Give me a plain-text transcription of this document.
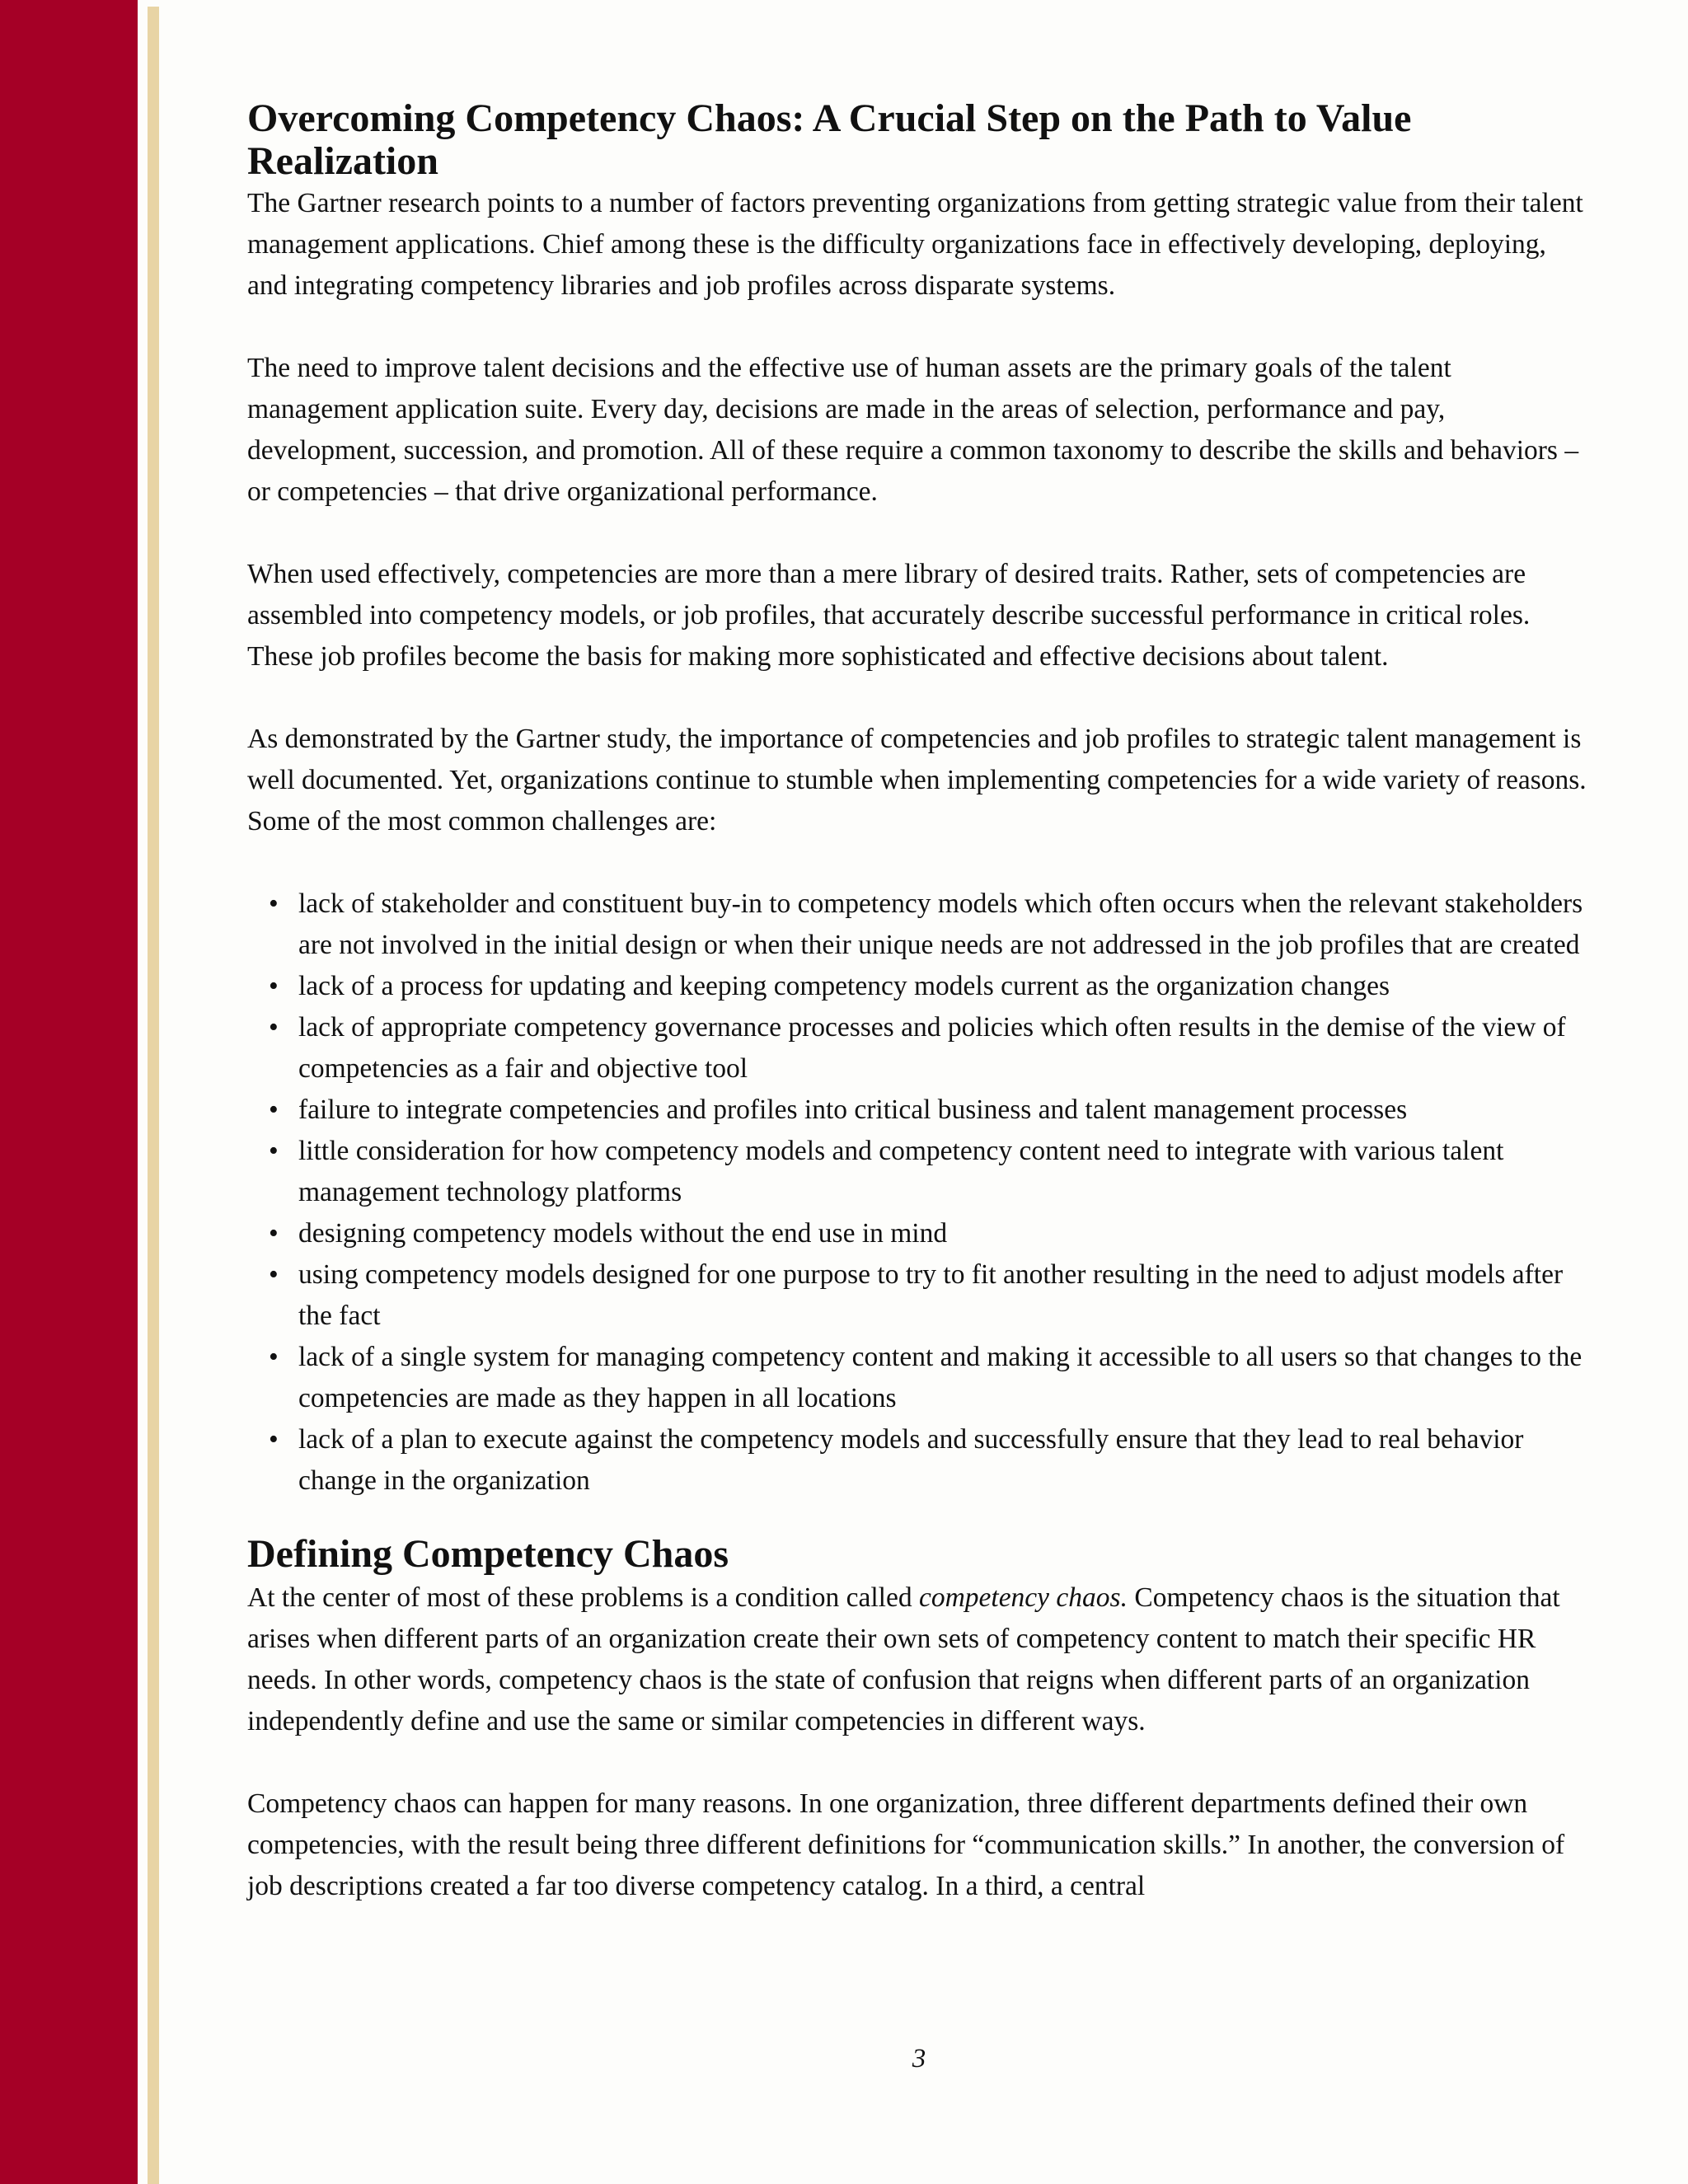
Overcoming Competency Chaos: A Crucial Step on the Path to Value Realization

The Gartner research points to a number of factors preventing organizations from getting strategic value from their talent management applications. Chief among these is the difficulty organizations face in effectively developing, deploying, and integrating competency libraries and job profiles across disparate systems.

The need to improve talent decisions and the effective use of human assets are the primary goals of the talent management application suite. Every day, decisions are made in the areas of selection, performance and pay, development, succession, and promotion. All of these require a common taxonomy to describe the skills and behaviors – or competencies – that drive organizational performance.

When used effectively, competencies are more than a mere library of desired traits. Rather, sets of competencies are assembled into competency models, or job profiles, that accurately describe successful performance in critical roles. These job profiles become the basis for making more sophisticated and effective decisions about talent.

As demonstrated by the Gartner study, the importance of competencies and job profiles to strategic talent management is well documented. Yet, organizations continue to stumble when implementing competencies for a wide variety of reasons. Some of the most common challenges are:

• lack of stakeholder and constituent buy-in to competency models which often occurs when the relevant stakeholders are not involved in the initial design or when their unique needs are not addressed in the job profiles that are created
• lack of a process for updating and keeping competency models current as the organization changes
• lack of appropriate competency governance processes and policies which often results in the demise of the view of competencies as a fair and objective tool
• failure to integrate competencies and profiles into critical business and talent management processes
• little consideration for how competency models and competency content need to integrate with various talent management technology platforms
• designing competency models without the end use in mind
• using competency models designed for one purpose to try to fit another resulting in the need to adjust models after the fact
• lack of a single system for managing competency content and making it accessible to all users so that changes to the competencies are made as they happen in all locations
• lack of a plan to execute against the competency models and successfully ensure that they lead to real behavior change in the organization
Defining Competency Chaos

At the center of most of these problems is a condition called competency chaos. Competency chaos is the situation that arises when different parts of an organization create their own sets of competency content to match their specific HR needs. In other words, competency chaos is the state of confusion that reigns when different parts of an organization independently define and use the same or similar competencies in different ways.

Competency chaos can happen for many reasons. In one organization, three different departments defined their own competencies, with the result being three different definitions for “communication skills.” In another, the conversion of job descriptions created a far too diverse competency catalog. In a third, a central

3
